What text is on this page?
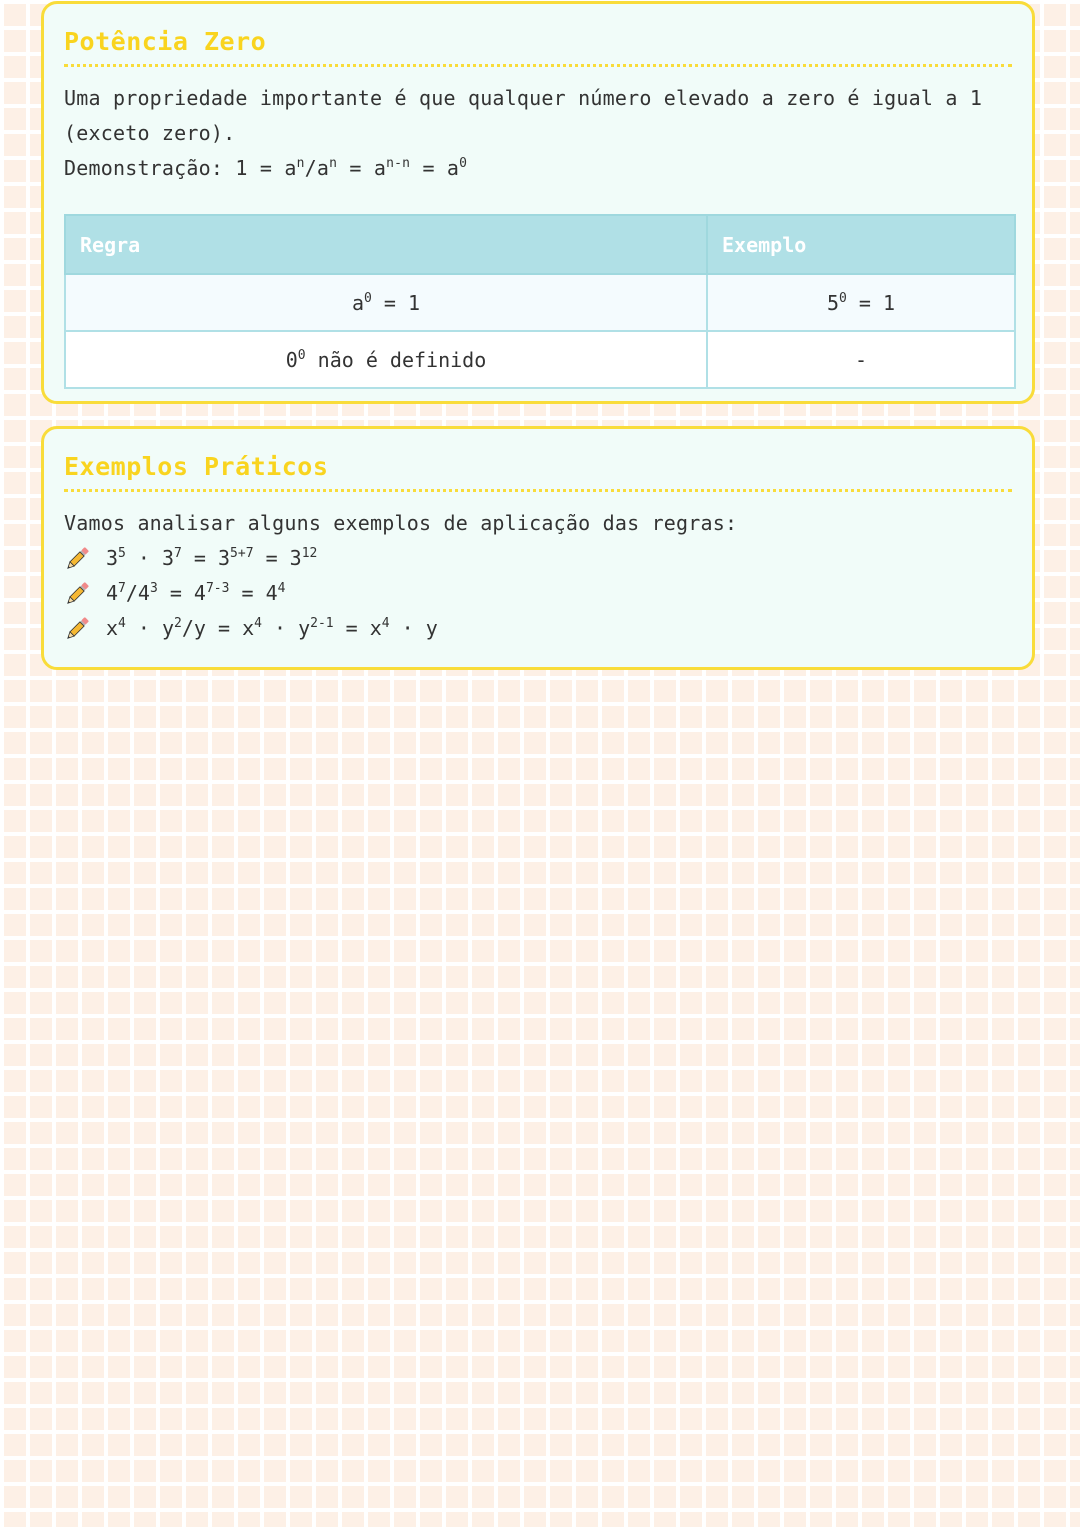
Potência Zero

Uma propriedade importante é que qualquer número elevado a zero é igual a 1 (exceto zero).

Demonstração: $1 = a^n/a^n = a^{n-n} = a^0$

Regra	Exemplo
$a^0 = 1$	$5^0 = 1$
$0^0$ não é definido	-
Exemplos Práticos

Vamos analisar alguns exemplos de aplicação das regras:

$3^5 \cdot 3^7 = 3^{5+7} = 3^{12}$
$4^7/4^3 = 4^{7-3} = 4^4$
$x^4 \cdot y^2/y = x^4 \cdot y^{2-1} = x^4 \cdot y$
